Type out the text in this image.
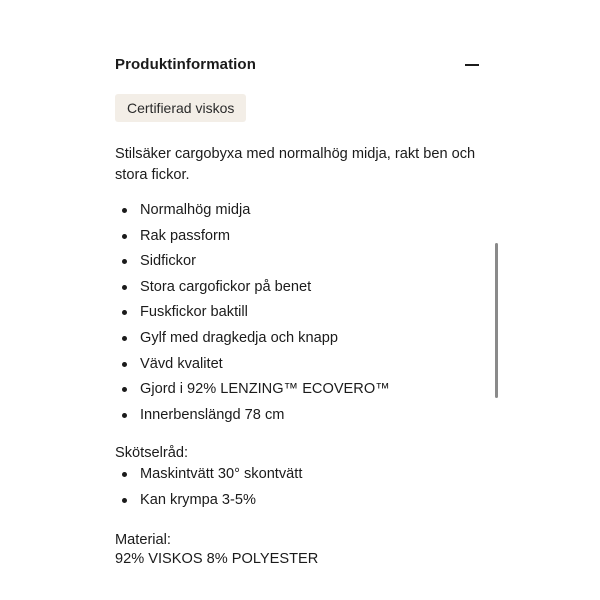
Produktinformation
Certifierad viskos
Stilsäker cargobyxa med normalhög midja, rakt ben och stora fickor.
Normalhög midja
Rak passform
Sidfickor
Stora cargofickor på benet
Fuskfickor baktill
Gylf med dragkedja och knapp
Vävd kvalitet
Gjord i 92% LENZING™ ECOVERO™
Innerbenslängd 78 cm
Skötselråd:
Maskintvätt 30° skontvätt
Kan krympa 3-5%
Material:
92% VISKOS 8% POLYESTER
